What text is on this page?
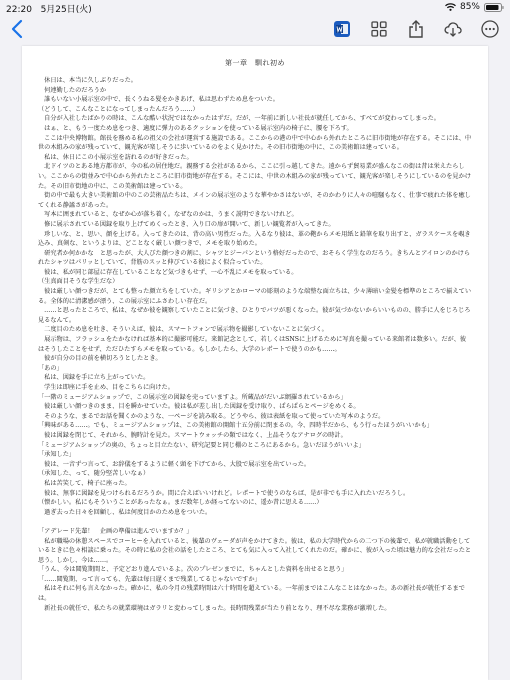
22:20 5月25日(火)	85%
第一章　馴れ初め

　休日は、本当に久しぶりだった。

　何連勤したのだろうか

　誰もいない小展示室の中で、長くうねる髪をかきあげ、私は思わずため息をついた。

（どうして、こんなことになってしまったんだろう……）

　自分が入社したばかりの時は、こんな酷い状況ではなかったはずだ。だが、一年前に新しい社長が就任してから、すべてが変わってしまった。

　はぁ、と、もう一度ため息をつき、適度に弾力のあるクッションを使っている展示室内の椅子に、腰を下ろす。

　ここは中央博物館。館長を務める私の祖父の会社が運営する施設である。ここからの港の中で中心から外れたところに旧市街地が存在する。そこには、中世の木組みの家が残っていて、観光客が楽しそうに歩いているのをよく見かけた。その旧市街地の中に、この美術館は建っている。

　私は、休日にこの小展示室を訪れるのが好きだった。

　北ドイツのとある地方都市が、今の私の居住地だ。親務する会社があるから、ここに引っ越してきた。遠からず貿易業が盛んなこの街は昔は栄えたらしい。ここからの街並みで中心から外れたところに旧市街地が存在する。そこには、中世の木組みの家が残っていて、観光客が楽しそうにしているのを見かけた。その旧市街地の中に、この美術館は建っている。

　街の中で最も大きい美術館の中のこの芸術品たちは、メインの展示室のような華やかさはないが、そのかわりに人々の喧騒もなく、仕事で疲れた体を癒してくれる静謐さがあった。

　写本に囲まれていると、なぜか心が落ち着く。なぜなのかは、うまく説明できないけれど。

　修に展示されている図録を取り上げてめくったとき、入り口の扉が開いて、新しい観覧者が入ってきた。

　珍しいな、と、思い、顔を上げる。入ってきたのは、背の高い男性だった。入るなり彼は、革の鞄からメモ用紙と鉛筆を取り出すと、ガラスケースを覗き込み、真剣な、というよりは、どことなく厳しい顔つきで、メモを取り始めた。

　研究者か何かかな　と思ったが、大人びた顔つきの割に、シャツとジーパンという格好だったので、おそらく学生なのだろう。きちんとアイロンのかけられたシャツはパリッとしていて、背筋のスッと伸びている彼によく似合っていた。

　彼は、私が同じ部屋に存在していることなど気づきもせず、一心不乱にメモを取っている。

（生真面目そうな学生だな）

　彼は厳しい顔つきだが、とても整った顔立ちをしていた。ギリシアとかローマの彫刻のような端整な面立ちは、少々薄暗い金髪を標準のところで揃えている。全体的に清潔感が漂う、この展示室にふさわしい存在だ。

　……と思ったところで、私は、なぜか彼を観察していたことに気づき、ひとりでバツが悪くなった。彼が気づかないからいいものの、勝手に人をじろじろ見るなんて。

　二度目のため息を吐き、そういえば、彼は、スマートフォンで展示物を撮影していないことに気づく。

　展示物は、フラッシュをたかなければ基本的に撮影可能だ。来館記念として、若しくはSNSに上げるために写真を撮っている来館者は数多い。だが、彼はそうしたことをせず、ただひたすらメモを取っている。もしかしたら、大学のレポートで使うのかも……。

　彼が自分の目の前を横切ろうとしたとき。

「あの」

　私は、図録を手に立ち上がっていた。

　学生は即座に手を止め、目をこちらに向けた。

「一階のミュージアムショップで、この展示室の図録を売っていますよ。所蔵品がだいぶ網羅されているから」

　彼は厳しい顔つきのまま、目を瞬かせていた。彼は私が差し出した図録を受け取り、ぱらぱらとページをめくる。

　そのような、まるでお話を聞くかのような、一ページを読み取る。どうやら、彼は表紙を取って使っていた写本のようだ。

「興味がある……。でも、ミュージアムショップは、この美術館の開館十五分前に閉まるの。今、四時半だから、もう行ったほうがいいかも」

　彼は図録を閉じて、それから、腕時計を見た。スマートウォッチの類ではなく、上品そうなアナログの時計。

「ミュージアムショップの奥の、ちょっと目立たない、研究記要と同じ棚のところにあるから。急いだほうがいいよ」

「承知した」

　彼は、一音ずつ言って、お辞儀をするように軽く頭を下げてから、大股で展示室を出ていった。

（承知した、って、随分堅苦しいなぁ）

　私は苦笑して、椅子に座った。

　彼は、無事に図録を見つけられるだろうか。間に合えばいいけれど。レポートで使うのならば、是が非でも手に入れたいだろうし。

（懐かしい。私にもそういうことがあったなぁ。まだ数年しか経ってないのに、遥か昔に思える……）

　過ぎ去った日々を回顧し、私は何度目かのため息をついた。

「アデレード先輩！　企画の準備は進んでいますか？」

　私が職場の休憩スペースでコーヒーを入れていると、後輩のヴェーダが声をかけてきた。彼は、私の大学時代からの二つ下の後輩で、私が就職活動をしているときに色々相談に乗った。その時に私の会社の話をしたところ、とても気に入って入社してくれたのだ。確かに、彼が入った頃は魅力的な会社だったと思う。しかし、今は……。

「うん、今は閲覧期間と、予定どおり進んでいるよ。次のプレゼンまでに、ちゃんとした資料を出せると思う」

「……閲覧期、って言っても、先輩は毎日遅くまで残業してるじゃないですか」

　私はそれに何も言えなかった。確かに、私の今月の残業時間は六十時間を超えている。一年前まではこんなことはなかった。あの新社長が就任するまでは。

　新社長の就任で、私たちの就業環境はガラリと変わってしまった。長時間残業が当たり前となり、理不尽な業務が激増した。
